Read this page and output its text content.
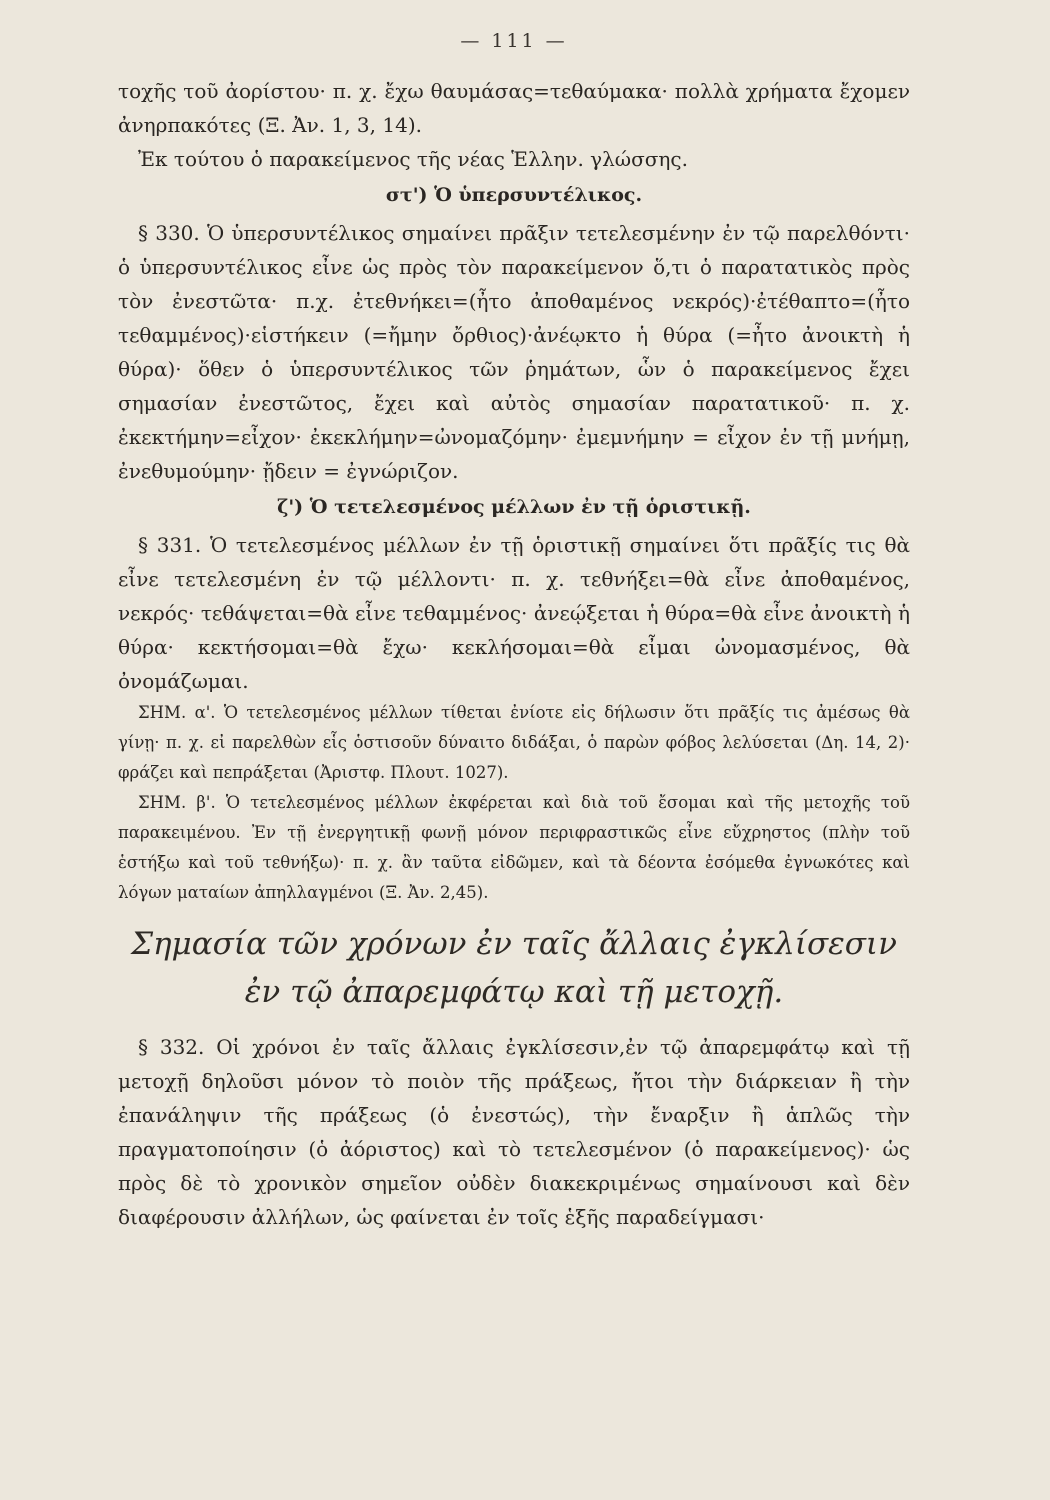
— 111 —

τοχῆς τοῦ ἀορίστου· π. χ. ἔχω θαυμάσας=τεθαύμακα· πολλὰ χρήματα ἔχομεν ἀνηρπακότες (Ξ. Ἀν. 1, 3, 14).

Ἐκ τούτου ὁ παρακείμενος τῆς νέας Ἑλλην. γλώσσης.

στ') Ὁ ὑπερσυντέλικος.

§ 330. Ὁ ὑπερσυντέλικος σημαίνει πρᾶξιν τετελεσμένην ἐν τῷ παρελθόντι· ὁ ὑπερσυντέλικος εἶνε ὡς πρὸς τὸν παρακείμενον ὅ,τι ὁ παρατατικὸς πρὸς τὸν ἐνεστῶτα· π.χ. ἐτεθνήκει=(ἦτο ἀποθαμένος νεκρός)·ἐτέθαπτο=(ἦτο τεθαμμένος)·εἱστήκειν (=ἤμην ὄρθιος)·ἀνέῳκτο ἡ θύρα (=ἦτο ἀνοικτὴ ἡ θύρα)· ὅθεν ὁ ὑπερσυντέλικος τῶν ῥημάτων, ὧν ὁ παρακείμενος ἔχει σημασίαν ἐνεστῶτος, ἔχει καὶ αὐτὸς σημασίαν παρατατικοῦ· π. χ. ἐκεκτήμην=εἶχον· ἐκεκλήμην=ὠνομαζόμην· ἐμεμνήμην = εἶχον ἐν τῇ μνήμῃ, ἐνεθυμούμην· ᾔδειν = ἐγνώριζον.

ζ') Ὁ τετελεσμένος μέλλων ἐν τῇ ὁριστικῇ.

§ 331. Ὁ τετελεσμένος μέλλων ἐν τῇ ὁριστικῇ σημαίνει ὅτι πρᾶξίς τις θὰ εἶνε τετελεσμένη ἐν τῷ μέλλοντι· π. χ. τεθνήξει=θὰ εἶνε ἀποθαμένος, νεκρός· τεθάψεται=θὰ εἶνε τεθαμμένος· ἀνεῴξεται ἡ θύρα=θὰ εἶνε ἀνοικτὴ ἡ θύρα· κεκτήσομαι=θὰ ἔχω· κεκλήσομαι=θὰ εἶμαι ὠνομασμένος, θὰ ὀνομάζωμαι.

ΣΗΜ. α'. Ὁ τετελεσμένος μέλλων τίθεται ἐνίοτε εἰς δήλωσιν ὅτι πρᾶξίς τις ἀμέσως θὰ γίνῃ· π. χ. εἰ παρελθὼν εἷς ὁστισοῦν δύναιτο διδάξαι, ὁ παρὼν φόβος λελύσεται (Δη. 14, 2)· φράζει καὶ πεπράξεται (Ἀριστφ. Πλουτ. 1027).

ΣΗΜ. β'. Ὁ τετελεσμένος μέλλων ἐκφέρεται καὶ διὰ τοῦ ἔσομαι καὶ τῆς μετοχῆς τοῦ παρακειμένου. Ἐν τῇ ἐνεργητικῇ φωνῇ μόνον περιφραστικῶς εἶνε εὔχρηστος (πλὴν τοῦ ἑστήξω καὶ τοῦ τεθνήξω)· π. χ. ἂν ταῦτα εἰδῶμεν, καὶ τὰ δέοντα ἐσόμεθα ἐγνωκότες καὶ λόγων ματαίων ἀπηλλαγμένοι (Ξ. Ἀν. 2,45).

Σημασία τῶν χρόνων ἐν ταῖς ἄλλαις ἐγκλίσεσιν
ἐν τῷ ἀπαρεμφάτῳ καὶ τῇ μετοχῇ.

§ 332. Οἱ χρόνοι ἐν ταῖς ἄλλαις ἐγκλίσεσιν,ἐν τῷ ἀπαρεμφάτῳ καὶ τῇ μετοχῇ δηλοῦσι μόνον τὸ ποιὸν τῆς πράξεως, ἤτοι τὴν διάρκειαν ἢ τὴν ἐπανάληψιν τῆς πράξεως (ὁ ἐνεστώς), τὴν ἔναρξιν ἢ ἁπλῶς τὴν πραγματοποίησιν (ὁ ἀόριστος) καὶ τὸ τετελεσμένον (ὁ παρακείμενος)· ὡς πρὸς δὲ τὸ χρονικὸν σημεῖον οὐδὲν διακεκριμένως σημαίνουσι καὶ δὲν διαφέρουσιν ἀλλήλων, ὡς φαίνεται ἐν τοῖς ἑξῆς παραδείγμασι·
